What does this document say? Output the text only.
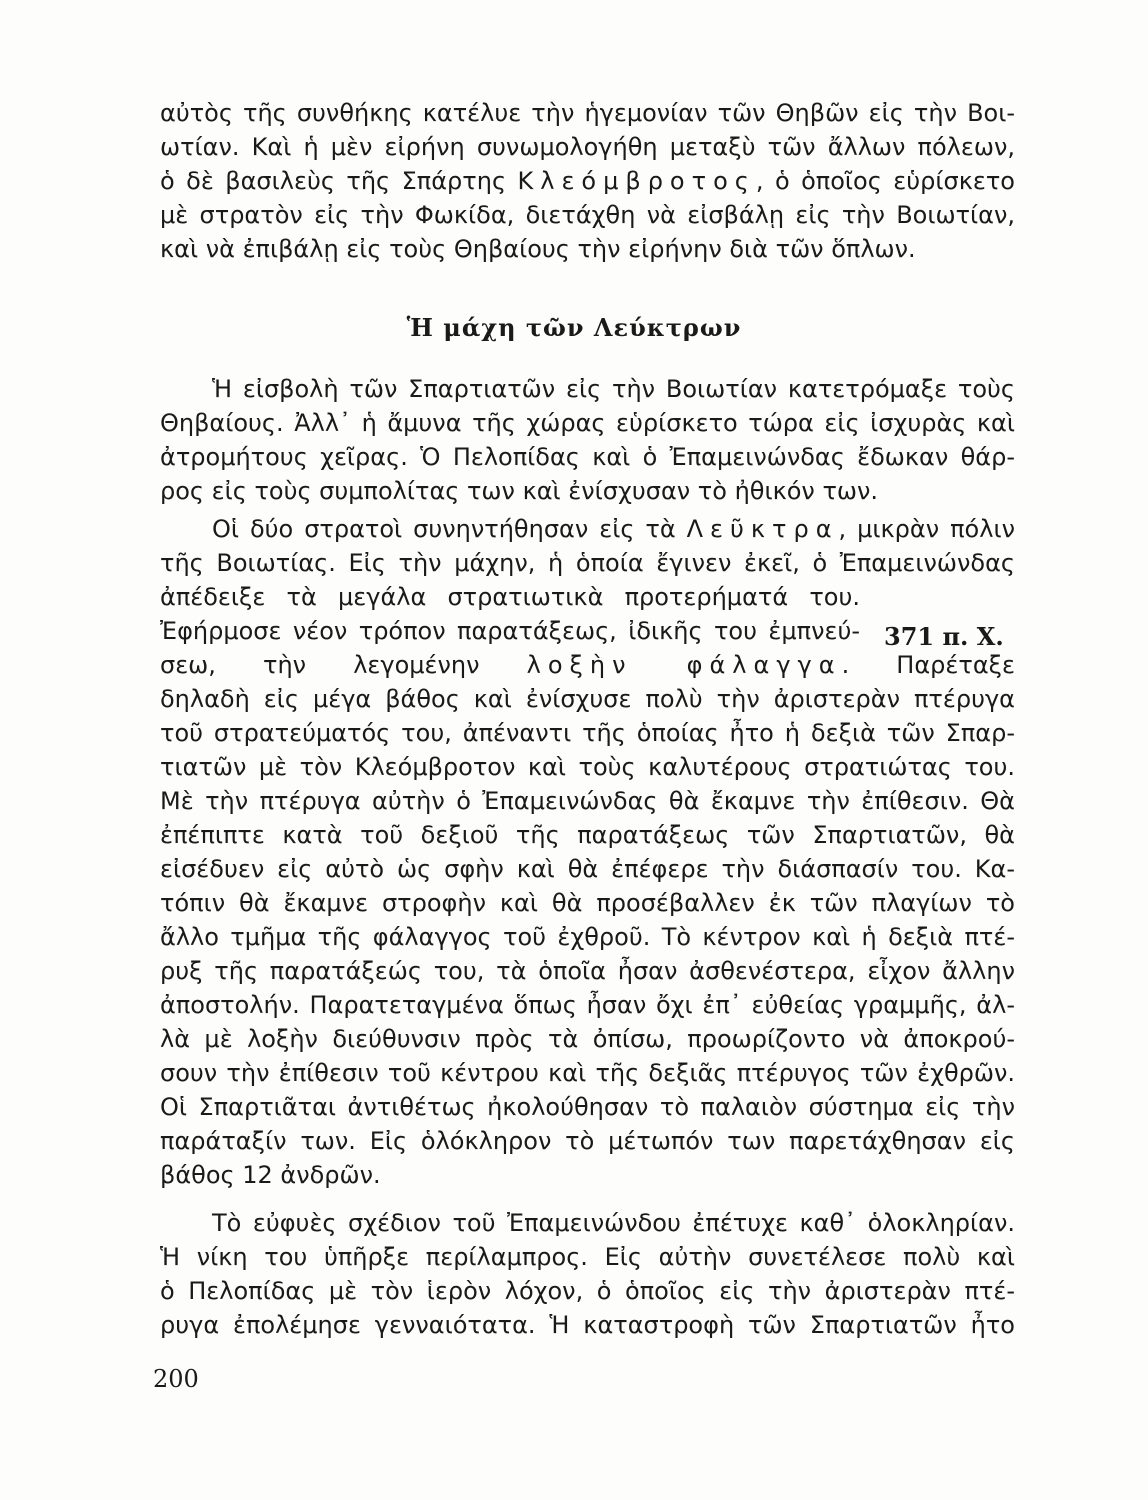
αὐτὸς τῆς συνθήκης κατέλυε τὴν ἡγεμονίαν τῶν Θηβῶν εἰς τὴν Βοι-
ωτίαν. Καὶ ἡ μὲν εἰρήνη συνωμολογήθη μεταξὺ τῶν ἄλλων πόλεων,
ὁ δὲ βασιλεὺς τῆς Σπάρτης Κλεόμβροτος, ὁ ὁποῖος εὑρίσκετο
μὲ στρατὸν εἰς τὴν Φωκίδα, διετάχθη νὰ εἰσβάλῃ εἰς τὴν Βοιωτίαν,
καὶ νὰ ἐπιβάλῃ εἰς τοὺς Θηβαίους τὴν εἰρήνην διὰ τῶν ὅπλων.
Ἡ μάχη τῶν Λεύκτρων
Ἡ εἰσβολὴ τῶν Σπαρτιατῶν εἰς τὴν Βοιωτίαν κατετρόμαξε τοὺς
Θηβαίους. Ἀλλ᾽ ἡ ἄμυνα τῆς χώρας εὑρίσκετο τώρα εἰς ἰσχυρὰς καὶ
ἀτρομήτους χεῖρας. Ὁ Πελοπίδας καὶ ὁ Ἐπαμεινώνδας ἔδωκαν θάρ-
ρος εἰς τοὺς συμπολίτας των καὶ ἐνίσχυσαν τὸ ἠθικόν των.
Οἱ δύο στρατοὶ συνηντήθησαν εἰς τὰ Λεῦκτρα, μικρὰν πόλιν
τῆς Βοιωτίας. Εἰς τὴν μάχην, ἡ ὁποία ἔγινεν ἐκεῖ, ὁ Ἐπαμεινώνδας
ἀπέδειξε τὰ μεγάλα στρατιωτικὰ προτερήματά του.
Ἐφήρμοσε νέον τρόπον παρατάξεως, ἰδικῆς του ἐμπνεύ-
σεω, τὴν λεγομένην λοξὴν φάλαγγα. Παρέταξε
δηλαδὴ εἰς μέγα βάθος καὶ ἐνίσχυσε πολὺ τὴν ἀριστερὰν πτέρυγα
τοῦ στρατεύματός του, ἀπέναντι τῆς ὁποίας ἦτο ἡ δεξιὰ τῶν Σπαρ-
τιατῶν μὲ τὸν Κλεόμβροτον καὶ τοὺς καλυτέρους στρατιώτας του.
Μὲ τὴν πτέρυγα αὐτὴν ὁ Ἐπαμεινώνδας θὰ ἔκαμνε τὴν ἐπίθεσιν. Θὰ
ἐπέπιπτε κατὰ τοῦ δεξιοῦ τῆς παρατάξεως τῶν Σπαρτιατῶν, θὰ
εἰσέδυεν εἰς αὐτὸ ὡς σφὴν καὶ θὰ ἐπέφερε τὴν διάσπασίν του. Κα-
τόπιν θὰ ἔκαμνε στροφὴν καὶ θὰ προσέβαλλεν ἐκ τῶν πλαγίων τὸ
ἄλλο τμῆμα τῆς φάλαγγος τοῦ ἐχθροῦ. Τὸ κέντρον καὶ ἡ δεξιὰ πτέ-
ρυξ τῆς παρατάξεώς του, τὰ ὁποῖα ἦσαν ἀσθενέστερα, εἶχον ἄλλην
ἀποστολήν. Παρατεταγμένα ὅπως ἦσαν ὄχι ἐπ᾽ εὐθείας γραμμῆς, ἀλ-
λὰ μὲ λοξὴν διεύθυνσιν πρὸς τὰ ὀπίσω, προωρίζοντο νὰ ἀποκρού-
σουν τὴν ἐπίθεσιν τοῦ κέντρου καὶ τῆς δεξιᾶς πτέρυγος τῶν ἐχθρῶν.
Οἱ Σπαρτιᾶται ἀντιθέτως ἠκολούθησαν τὸ παλαιὸν σύστημα εἰς τὴν
παράταξίν των. Εἰς ὁλόκληρον τὸ μέτωπόν των παρετάχθησαν εἰς
βάθος 12 ἀνδρῶν.
371 π. Χ.
Τὸ εὐφυὲς σχέδιον τοῦ Ἐπαμεινώνδου ἐπέτυχε καθ᾽ ὁλοκληρίαν.
Ἡ νίκη του ὑπῆρξε περίλαμπρος. Εἰς αὐτὴν συνετέλεσε πολὺ καὶ
ὁ Πελοπίδας μὲ τὸν ἱερὸν λόχον, ὁ ὁποῖος εἰς τὴν ἀριστερὰν πτέ-
ρυγα ἐπολέμησε γενναιότατα. Ἡ καταστροφὴ τῶν Σπαρτιατῶν ἦτο
200
